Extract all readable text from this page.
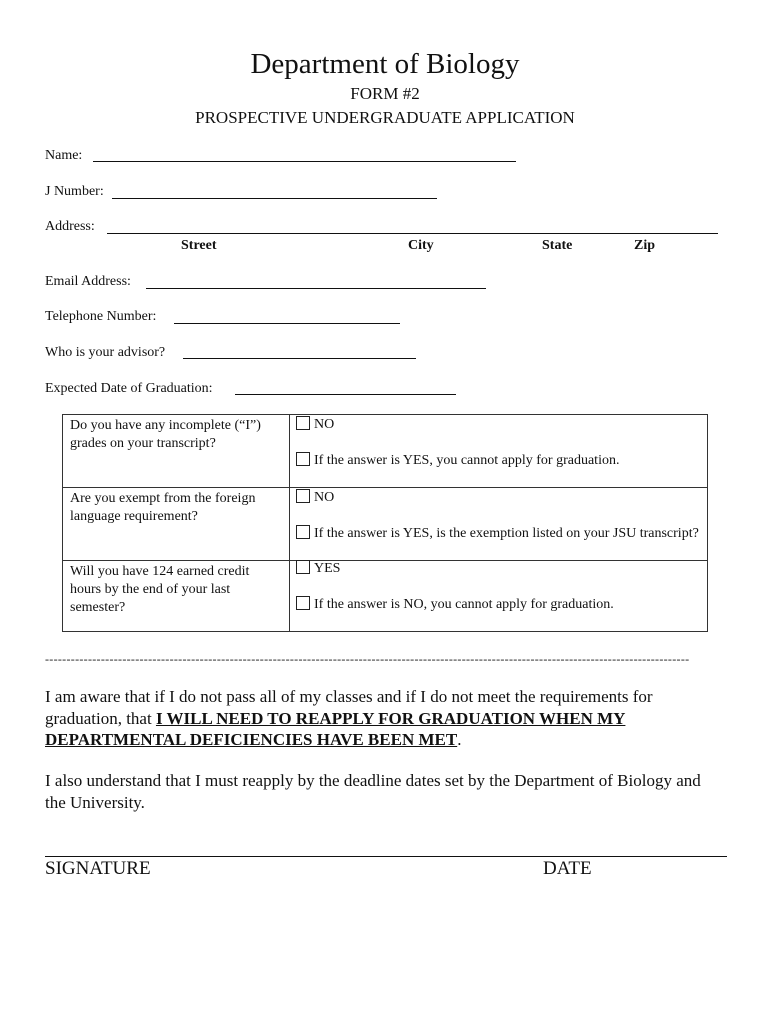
Department of Biology
FORM #2
PROSPECTIVE UNDERGRADUATE APPLICATION
Name:
J Number:
Address:
Street	City	State	Zip
Email Address:
Telephone Number:
Who is your advisor?
Expected Date of Graduation:
Do you have any incomplete (“I”) grades on your transcript?	NO
If the answer is YES, you cannot apply for graduation.

Are you exempt from the foreign language requirement?	NO
If the answer is YES, is the exemption listed on your JSU transcript?

Will you have 124 earned credit hours by the end of your last semester?	YES
If the answer is NO, you cannot apply for graduation.
------------------------------------------------------------------------------------------------------------------------------------------------------
I am aware that if I do not pass all of my classes and if I do not meet the requirements for graduation, that I WILL NEED TO REAPPLY FOR GRADUATION WHEN MY DEPARTMENTAL DEFICIENCIES HAVE BEEN MET.
I also understand that I must reapply by the deadline dates set by the Department of Biology and the University.
SIGNATURE	DATE
